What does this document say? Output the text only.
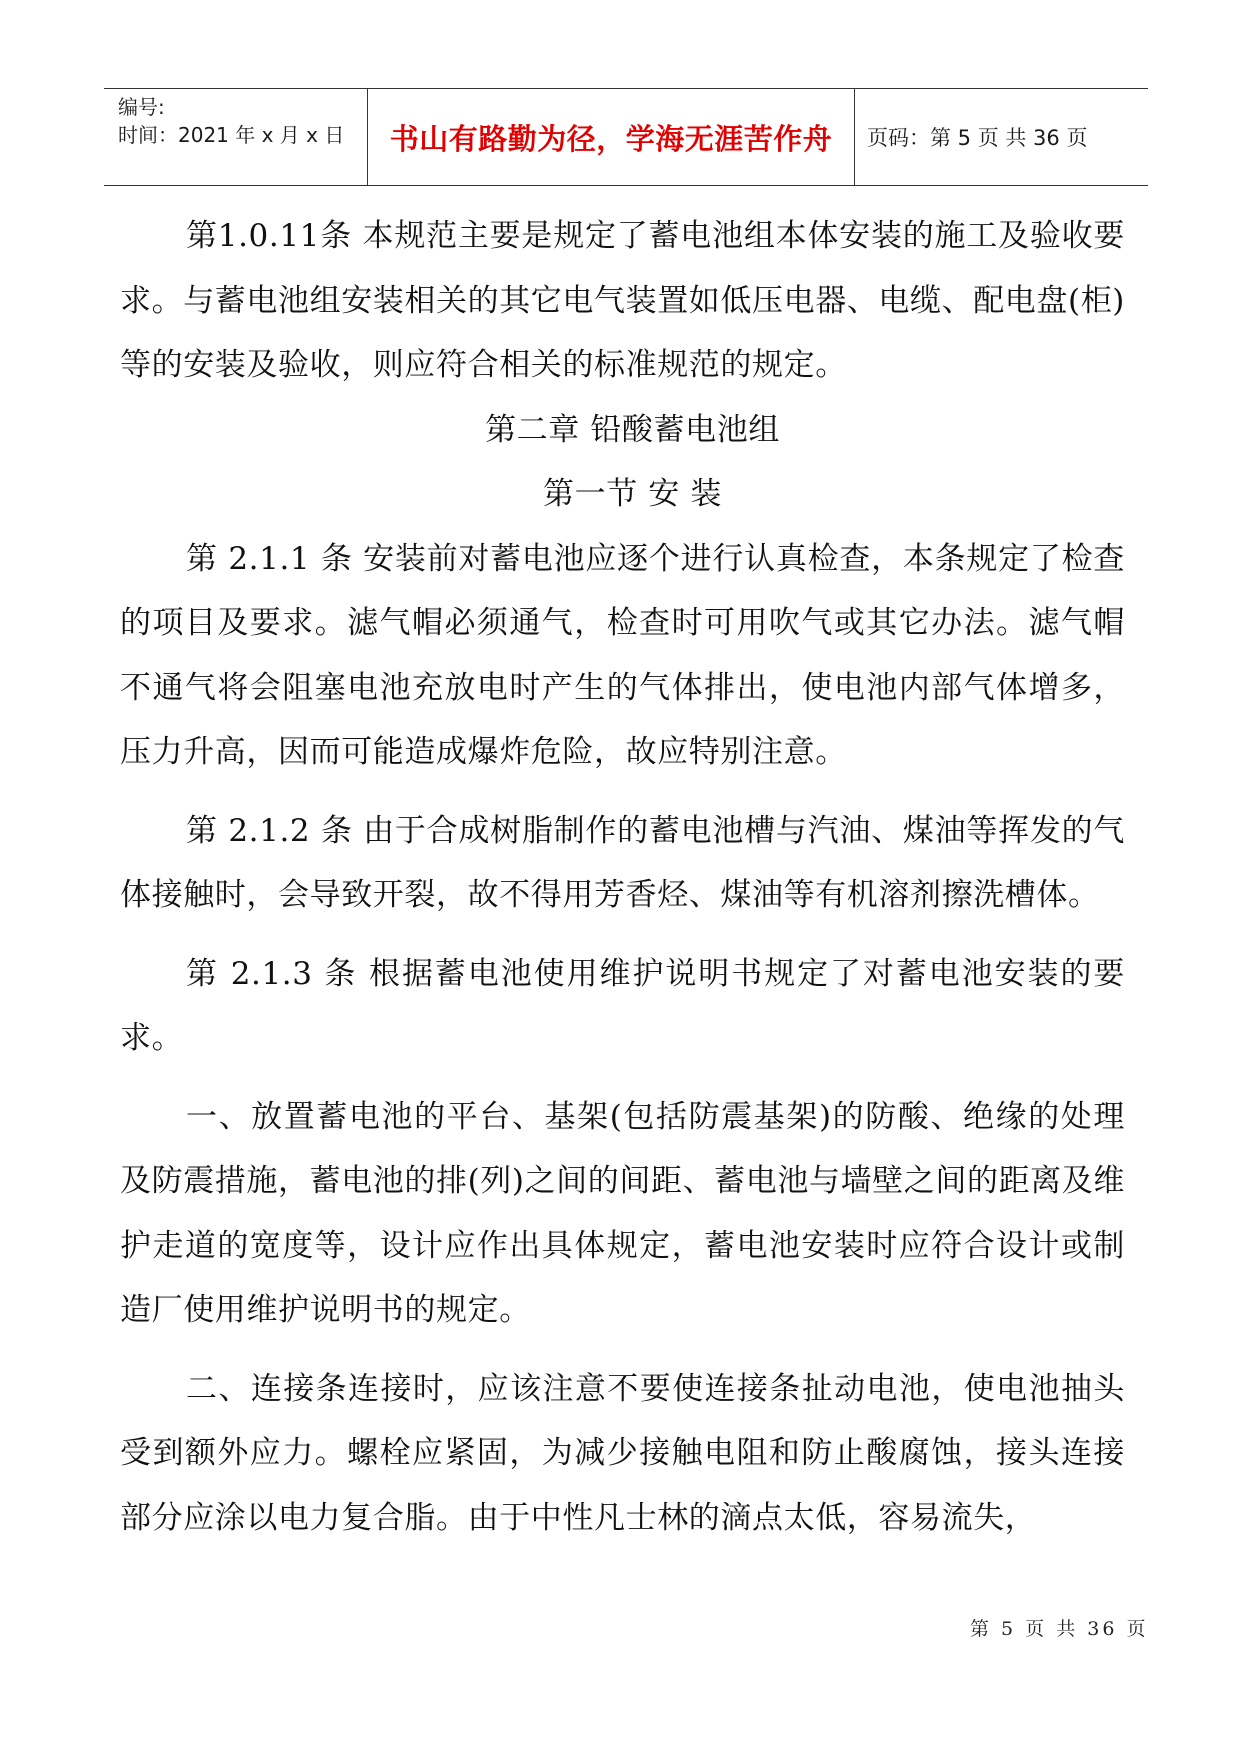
编号:
时间：2021 年 x 月 x 日 书山有路勤为径，学海无涯苦作舟 页码：第 5 页 共 36 页

第1.0.11条 本规范主要是规定了蓄电池组本体安装的施工及验收要求。与蓄电池组安装相关的其它电气装置如低压电器、电缆、配电盘(柜)等的安装及验收，则应符合相关的标准规范的规定。

第二章 铅酸蓄电池组

第一节 安 装

第 2.1.1 条 安装前对蓄电池应逐个进行认真检查，本条规定了检查的项目及要求。滤气帽必须通气，检查时可用吹气或其它办法。滤气帽不通气将会阻塞电池充放电时产生的气体排出，使电池内部气体增多，压力升高，因而可能造成爆炸危险，故应特别注意。

第 2.1.2 条 由于合成树脂制作的蓄电池槽与汽油、煤油等挥发的气体接触时，会导致开裂，故不得用芳香烃、煤油等有机溶剂擦洗槽体。

第 2.1.3 条 根据蓄电池使用维护说明书规定了对蓄电池安装的要求。

一、放置蓄电池的平台、基架(包括防震基架)的防酸、绝缘的处理及防震措施，蓄电池的排(列)之间的间距、蓄电池与墙壁之间的距离及维护走道的宽度等，设计应作出具体规定，蓄电池安装时应符合设计或制造厂使用维护说明书的规定。

二、连接条连接时，应该注意不要使连接条扯动电池，使电池抽头受到额外应力。螺栓应紧固，为减少接触电阻和防止酸腐蚀，接头连接部分应涂以电力复合脂。由于中性凡士林的滴点太低，容易流失，

第 5 页 共 36 页
